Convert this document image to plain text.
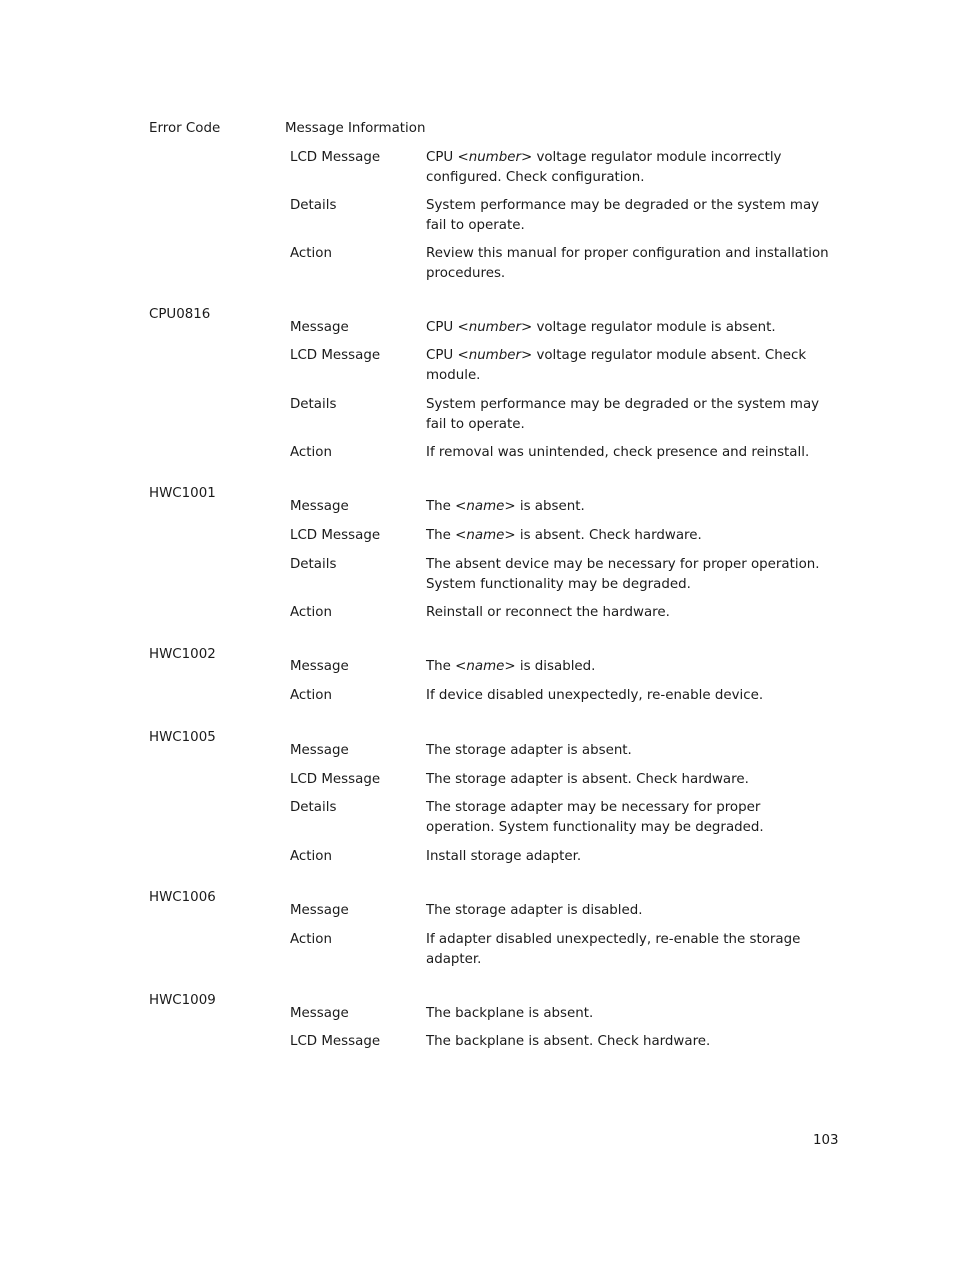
Error Code	Message Information
LCD Message	CPU <number> voltage regulator module incorrectly configured. Check configuration.
Details	System performance may be degraded or the system may fail to operate.
Action	Review this manual for proper configuration and installation procedures.
CPU0816
Message	CPU <number> voltage regulator module is absent.
LCD Message	CPU <number> voltage regulator module absent. Check module.
Details	System performance may be degraded or the system may fail to operate.
Action	If removal was unintended, check presence and reinstall.
HWC1001
Message	The <name> is absent.
LCD Message	The <name> is absent. Check hardware.
Details	The absent device may be necessary for proper operation. System functionality may be degraded.
Action	Reinstall or reconnect the hardware.
HWC1002
Message	The <name> is disabled.
Action	If device disabled unexpectedly, re-enable device.
HWC1005
Message	The storage adapter is absent.
LCD Message	The storage adapter is absent. Check hardware.
Details	The storage adapter may be necessary for proper operation. System functionality may be degraded.
Action	Install storage adapter.
HWC1006
Message	The storage adapter is disabled.
Action	If adapter disabled unexpectedly, re-enable the storage adapter.
HWC1009
Message	The backplane is absent.
LCD Message	The backplane is absent. Check hardware.
103
